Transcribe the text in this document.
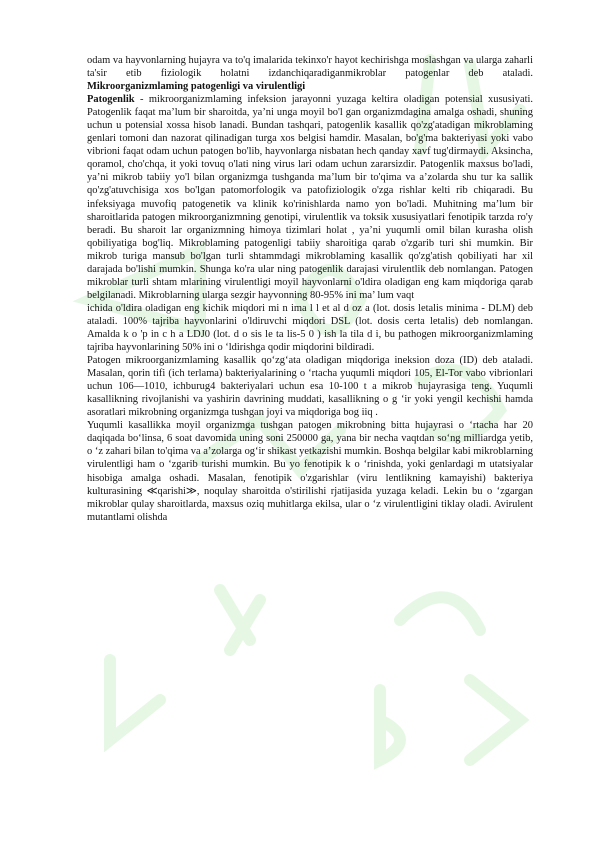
odam va hayvonlarning hujayra va to'q imalarida tekinxo'r hayot kechirishga moslashgan va ularga zaharli ta'sir etib fiziologik holatni izdanchiqaradiganmikroblar patogenlar deb ataladi.

Mikroorganizmlaming patogenligi va virulentligi

Patogenlik - mikroorganizmlaming infeksion jarayonni yuzaga keltira oladigan potensial xususiyati. Patogenlik faqat ma’lum bir sharoitda, ya’ni unga moyil bo'l gan organizmdagina amalga oshadi, shuning uchun u potensial xossa hisob lanadi. Bundan tashqari, patogenlik kasallik qo'zg'atadigan mikroblaming genlari tomoni dan nazorat qilinadigan turga xos belgisi hamdir. Masalan, bo'g'ma bakteriyasi yoki vabo vibrioni faqat odam uchun patogen bo'lib, hayvonlarga nisbatan hech qanday xavf tug'dirmaydi. Aksincha, qoramol, cho'chqa, it yoki tovuq o'lati ning virus lari odam uchun zararsizdir. Patogenlik maxsus bo'ladi, ya’ni mikrob tabiiy yo'l bilan organizmga tushganda ma’lum bir to'qima va a’zolarda shu tur ka sallik qo'zg'atuvchisiga xos bo'lgan patomorfologik va patofiziologik o'zga rishlar kelti rib chiqaradi. Bu infeksiyaga muvofiq patogenetik va klinik ko'rinishlarda namo yon bo'ladi. Muhitning ma’lum bir sharoitlarida patogen mikroorganizmning genotipi, virulentlik va toksik xususiyatlari fenotipik tarzda ro'y beradi. Bu sharoit lar organizmning himoya tizimlari holat , ya’ni yuqumli omil bilan kurasha olish qobiliyatiga bog'liq. Mikroblaming patogenligi tabiiy sharoitiga qarab o'zgarib turi shi mumkin. Bir mikrob turiga mansub bo'lgan turli shtammdagi mikroblaming kasallik qo'zg'atish qobiliyati har xil darajada bo'lishi mumkin. Shunga ko'ra ular ning patogenlik darajasi virulentlik deb nomlangan. Patogen mikroblar turli shtam mlarining virulentligi moyil hayvonlarni o'ldira oladigan eng kam miqdoriga qarab belgilanadi. Mikroblarning ularga sezgir hayvonning 80-95% ini ma’ lum vaqt

ichida o'ldira oladigan eng kichik miqdori mi n ima l l et al d oz a (lot. dosis letalis minima - DLM) deb ataladi. 100% tajriba hayvonlarini o'ldiruvchi miqdori DSL (lot. dosis certa letalis) deb nomlangan. Amalda k o 'p in c h a LDJ0 (lot. d o sis le ta lis-5 0 ) ish la tila d i, bu pathogen mikroorganizmlaming tajriba hayvonlarining 50% ini o ‘ldirishga qodir miqdorini bildiradi.

Patogen mikroorganizmlaming kasallik qo‘zg‘ata oladigan miqdoriga ineksion doza (ID) deb ataladi. Masalan, qorin tifi (ich terlama) bakteriyalarining o ‘rtacha yuqumli miqdori 105, El-Tor vabo vibrionlari uchun 106—1010, ichburug4 bakteriyalari uchun esa 10-100 t a mikrob hujayrasiga teng. Yuqumli kasallikning rivojlanishi va yashirin davrining muddati, kasallikning o g ‘ir yoki yengil kechishi hamda asoratlari mikrobning organizmga tushgan joyi va miqdoriga bog iiq .

Yuqumli kasallikka moyil organizmga tushgan patogen mikrobning bitta hujayrasi o ‘rtacha har 20 daqiqada bo‘linsa, 6 soat davomida uning soni 250000 ga, yana bir necha vaqtdan so‘ng milliardga yetib, o ‘z zahari bilan to'qima va a’zolarga og‘ir shikast yetkazishi mumkin. Boshqa belgilar kabi mikroblarning virulentligi ham o ‘zgarib turishi mumkin. Bu yo fenotipik k o ‘rinishda, yoki genlardagi m utatsiyalar hisobiga amalga oshadi. Masalan, fenotipik o'zgarishlar (viru lentlikning kamayishi) bakteriya kulturasining ≪qarishi≫, noqulay sharoitda o'stirilishi rjatijasida yuzaga keladi. Lekin bu o ‘zgargan mikroblar qulay sharoitlarda, maxsus oziq muhitlarga ekilsa, ular o ‘z virulentligini tiklay oladi. Avirulent mutantlami olishda
